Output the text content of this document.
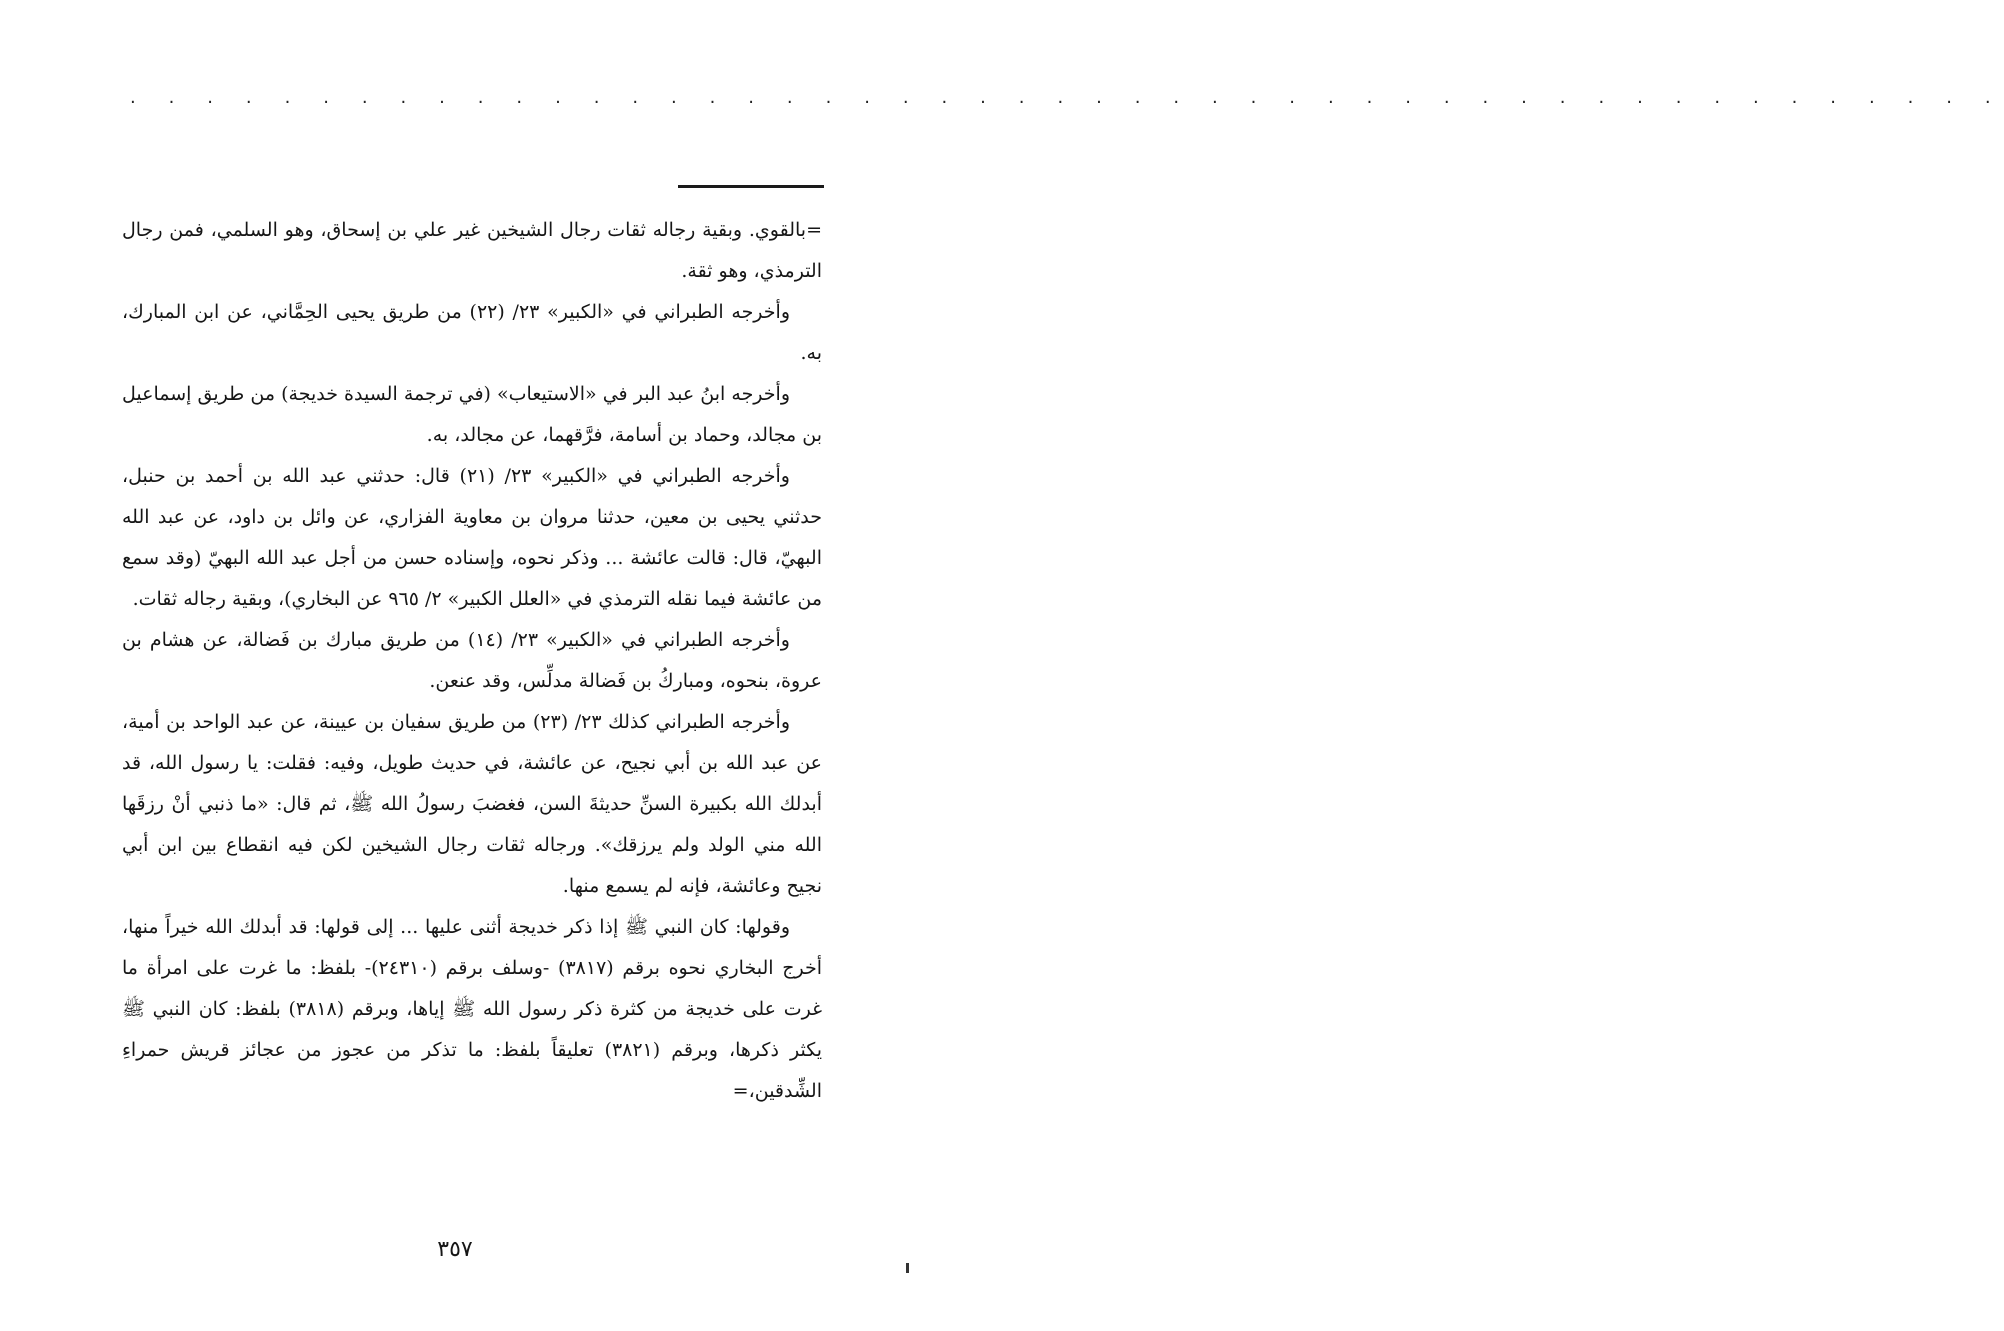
. . . . . . . . . . . . . . . . . . . . . . . . . . . . . . . . . . . . . . . . . . . . . . . . .

=بالقوي. وبقية رجاله ثقات رجال الشيخين غير علي بن إسحاق، وهو السلمي، فمن رجال الترمذي، وهو ثقة.

وأخرجه الطبراني في «الكبير» ٢٣/ (٢٢) من طريق يحيى الحِمَّاني، عن ابن المبارك، به.

وأخرجه ابنُ عبد البر في «الاستيعاب» (في ترجمة السيدة خديجة) من طريق إسماعيل بن مجالد، وحماد بن أسامة، فرَّقهما، عن مجالد، به.

وأخرجه الطبراني في «الكبير» ٢٣/ (٢١) قال: حدثني عبد الله بن أحمد بن حنبل، حدثني يحيى بن معين، حدثنا مروان بن معاوية الفزاري، عن وائل بن داود، عن عبد الله البهيّ، قال: قالت عائشة ... وذكر نحوه، وإسناده حسن من أجل عبد الله البهيّ (وقد سمع من عائشة فيما نقله الترمذي في «العلل الكبير» ٢/ ٩٦٥ عن البخاري)، وبقية رجاله ثقات.

وأخرجه الطبراني في «الكبير» ٢٣/ (١٤) من طريق مبارك بن فَضالة، عن هشام بن عروة، بنحوه، ومباركُ بن فَضالة مدلِّس، وقد عنعن.

وأخرجه الطبراني كذلك ٢٣/ (٢٣) من طريق سفيان بن عيينة، عن عبد الواحد بن أمية، عن عبد الله بن أبي نجيح، عن عائشة، في حديث طويل، وفيه: فقلت: يا رسول الله، قد أبدلك الله بكبيرة السنِّ حديثةَ السن، فغضبَ رسولُ الله ﷺ، ثم قال: «ما ذنبي أنْ رزقَها الله مني الولد ولم يرزقك». ورجاله ثقات رجال الشيخين لكن فيه انقطاع بين ابن أبي نجيح وعائشة، فإنه لم يسمع منها.

وقولها: كان النبي ﷺ إذا ذكر خديجة أثنى عليها ... إلى قولها: قد أبدلك الله خيراً منها، أخرج البخاري نحوه برقم (٣٨١٧) -وسلف برقم (٢٤٣١٠)- بلفظ: ما غرت على امرأة ما غرت على خديجة من كثرة ذكر رسول الله ﷺ إياها، وبرقم (٣٨١٨) بلفظ: كان النبي ﷺ يكثر ذكرها، وبرقم (٣٨٢١) تعليقاً بلفظ: ما تذكر من عجوز من عجائز قريش حمراءِ الشِّدقين،=

٣٥٧
